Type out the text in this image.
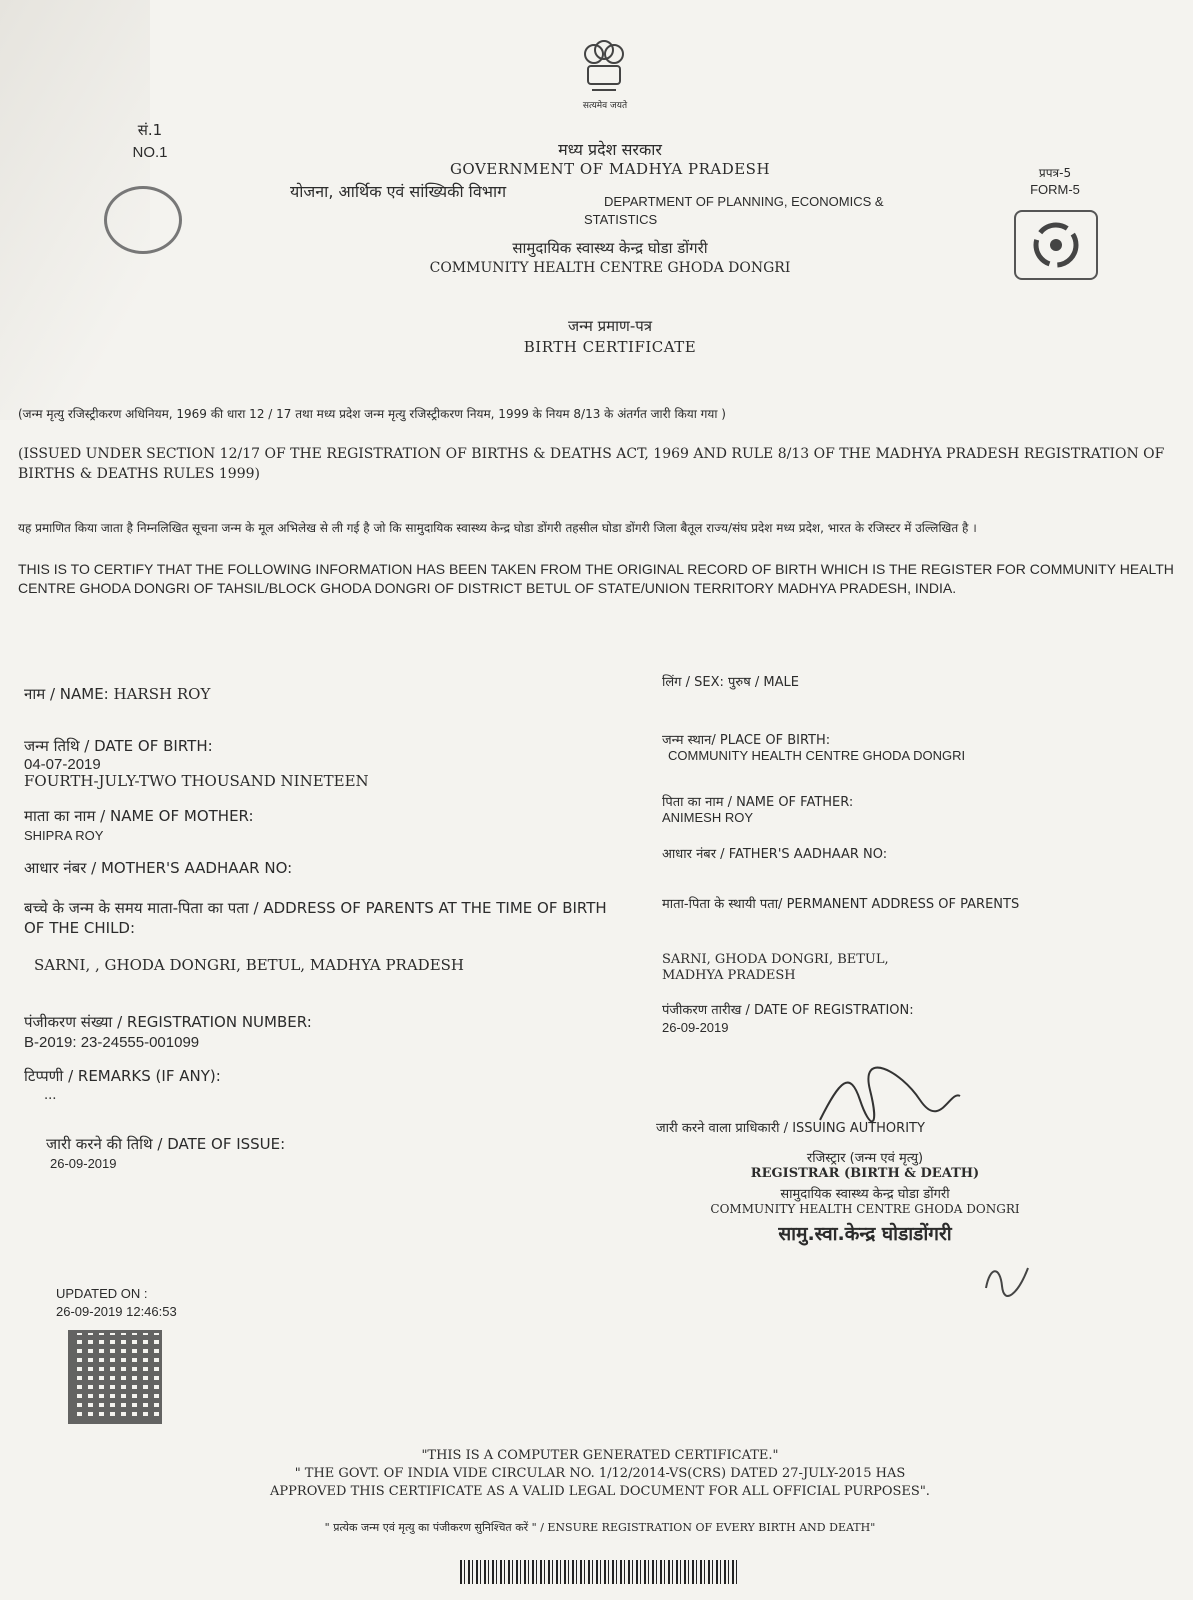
सत्यमेव जयते
सं.1
NO.1
प्रपत्र-5
FORM-5
मध्य प्रदेश सरकार
GOVERNMENT OF MADHYA PRADESH
योजना, आर्थिक एवं सांख्यिकी विभाग
DEPARTMENT OF PLANNING, ECONOMICS &
STATISTICS
सामुदायिक स्वास्थ्य केन्द्र घोडा डोंगरी
COMMUNITY HEALTH CENTRE GHODA DONGRI
जन्म प्रमाण-पत्र
BIRTH CERTIFICATE
(जन्म मृत्यु रजिस्ट्रीकरण अधिनियम, 1969 की धारा 12 / 17 तथा मध्य प्रदेश जन्म मृत्यु रजिस्ट्रीकरण नियम, 1999 के नियम 8/13 के अंतर्गत जारी किया गया )
(ISSUED UNDER SECTION 12/17 OF THE REGISTRATION OF BIRTHS & DEATHS ACT, 1969 AND RULE 8/13 OF THE MADHYA PRADESH REGISTRATION OF BIRTHS & DEATHS RULES 1999)
यह प्रमाणित किया जाता है निम्नलिखित सूचना जन्म के मूल अभिलेख से ली गई है जो कि सामुदायिक स्वास्थ्य केन्द्र घोडा डोंगरी तहसील घोडा डोंगरी जिला बैतूल राज्य/संघ प्रदेश मध्य प्रदेश, भारत के रजिस्टर में उल्लिखित है ।
THIS IS TO CERTIFY THAT THE FOLLOWING INFORMATION HAS BEEN TAKEN FROM THE ORIGINAL RECORD OF BIRTH WHICH IS THE REGISTER FOR COMMUNITY HEALTH CENTRE GHODA DONGRI OF TAHSIL/BLOCK GHODA DONGRI OF DISTRICT BETUL OF STATE/UNION TERRITORY MADHYA PRADESH, INDIA.
नाम / NAME: HARSH ROY
जन्म तिथि / DATE OF BIRTH:
04-07-2019
FOURTH-JULY-TWO THOUSAND NINETEEN
माता का नाम / NAME OF MOTHER:
SHIPRA ROY
आधार नंबर / MOTHER'S AADHAAR NO:
बच्चे के जन्म के समय माता-पिता का पता / ADDRESS OF PARENTS AT THE TIME OF BIRTH OF THE CHILD:
SARNI, , GHODA DONGRI, BETUL, MADHYA PRADESH
पंजीकरण संख्या / REGISTRATION NUMBER:
B-2019: 23-24555-001099
टिप्पणी / REMARKS (IF ANY):
...
जारी करने की तिथि / DATE OF ISSUE:
26-09-2019
UPDATED ON :
26-09-2019 12:46:53
लिंग / SEX: पुरुष / MALE
जन्म स्थान/ PLACE OF BIRTH:
COMMUNITY HEALTH CENTRE GHODA DONGRI
पिता का नाम / NAME OF FATHER:
ANIMESH ROY
आधार नंबर / FATHER'S AADHAAR NO:
माता-पिता के स्थायी पता/ PERMANENT ADDRESS OF PARENTS
SARNI, GHODA DONGRI, BETUL,
MADHYA PRADESH
पंजीकरण तारीख / DATE OF REGISTRATION:
26-09-2019
जारी करने वाला प्राधिकारी / ISSUING AUTHORITY
रजिस्ट्रार (जन्म एवं मृत्यु)
REGISTRAR (BIRTH & DEATH)
सामुदायिक स्वास्थ्य केन्द्र घोडा डोंगरी
COMMUNITY HEALTH CENTRE GHODA DONGRI
सामु.स्वा.केन्द्र घोडाडोंगरी
"THIS IS A COMPUTER GENERATED CERTIFICATE."
" THE GOVT. OF INDIA VIDE CIRCULAR NO. 1/12/2014-VS(CRS) DATED 27-JULY-2015 HAS
APPROVED THIS CERTIFICATE AS A VALID LEGAL DOCUMENT FOR ALL OFFICIAL PURPOSES".
" प्रत्येक जन्म एवं मृत्यु का पंजीकरण सुनिश्चित करें " / ENSURE REGISTRATION OF EVERY BIRTH AND DEATH"
